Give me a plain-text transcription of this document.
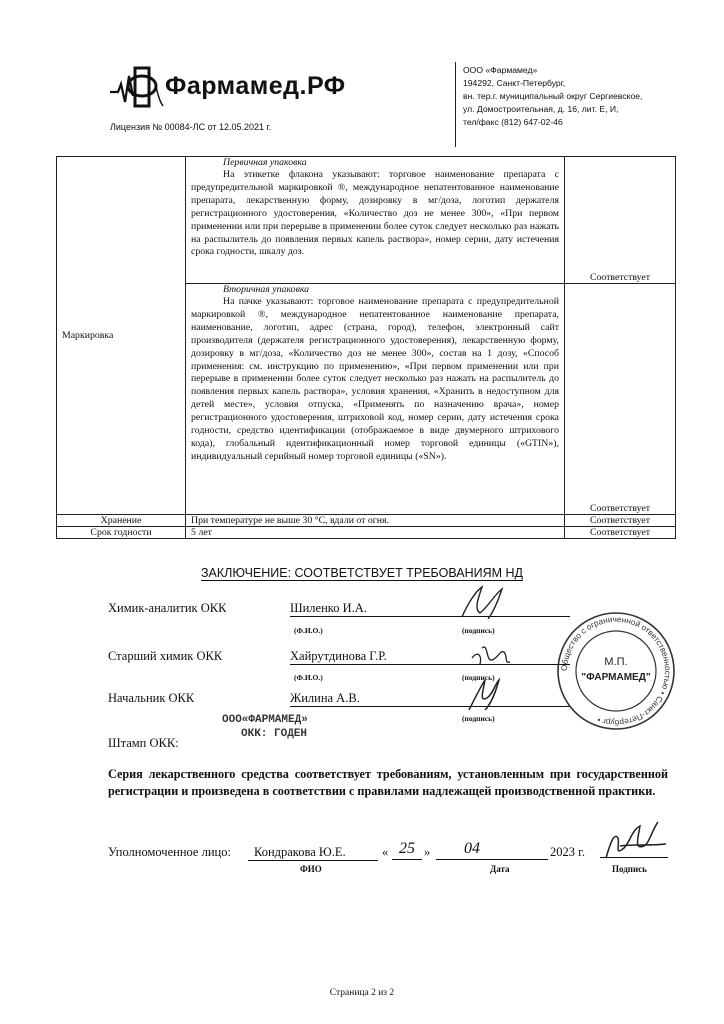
Фармамед.РФ
Лицензия № 00084-ЛС от 12.05.2021 г.
ООО «Фармамед»
194292, Санкт-Петербург,
вн. тер.г. муниципальный округ Сергиевское,
ул. Домостроительная, д. 16, лит. Е, И,
тел/факс (812) 647-02-46
Маркировка	Первичная упаковка
На этикетке флакона указывают: торговое наименование препарата с предупредительной маркировкой ®, международное непатентованное наименование препарата, лекарственную форму, дозировку в мг/доза, логотип держателя регистрационного удостоверения, «Количество доз не менее 300», «При первом применении или при перерыве в применении более суток следует несколько раз нажать на распылитель до появления первых капель раствора», номер серии, дату истечения срока годности, шкалу доз.	Соответствует

	Вторичная упаковка
На пачке указывают: торговое наименование препарата с предупредительной маркировкой ®, международное непатентованное наименование препарата, наименование, логотип, адрес (страна, город), телефон, электронный сайт производителя (держателя регистрационного удостоверения), лекарственную форму, дозировку в мг/доза, «Количество доз не менее 300», состав на 1 дозу, «Способ применения: см. инструкцию по применению», «При первом применении или при перерыве в применении более суток следует несколько раз нажать на распылитель до появления первых капель раствора», условия хранения, «Хранить в недоступном для детей месте», условия отпуска, «Применять по назначению врача», номер регистрационного удостоверения, штриховой код, номер серии, дату истечения срока годности, средство идентификации (отображаемое в виде двумерного штрихового кода), глобальный идентификационный номер торговой единицы («GTIN»), индивидуальный серийный номер торговой единицы («SN»).	Соответствует
Хранение	При температуре не выше 30 °С, вдали от огня.	Соответствует
Срок годности	5 лет	Соответствует
ЗАКЛЮЧЕНИЕ: СООТВЕТСТВУЕТ ТРЕБОВАНИЯМ НД
Химик-аналитик ОКК	Шиленко И.А.
(Ф.И.О.)	(подпись)
Старший химик ОКК	Хайрутдинова Г.Р.
(Ф.И.О.)	(подпись)
Начальник ОКК	Жилина А.В.
(подпись)
Общество с ограниченной ответственностью • Санкт-Петербург •
М.П.
"ФАРМАМЕД"
ООО«ФАРМАМЕД»
ОКК: ГОДЕН
Штамп ОКК:
Серия лекарственного средства соответствует требованиям, установленным при государственной регистрации и произведена в соответствии с правилами надлежащей производственной практики.
Уполномоченное лицо:	Кондракова Ю.Е.	« 25 »	04	2023 г.
ФИО	Дата	Подпись
Страница 2 из 2
